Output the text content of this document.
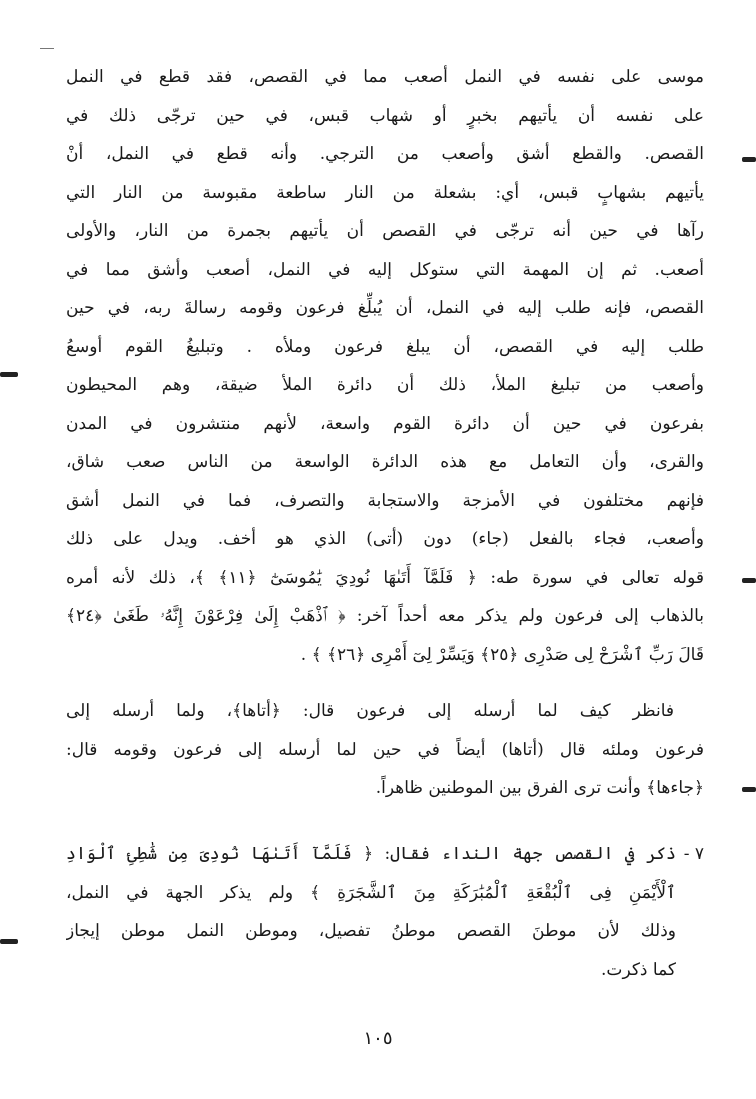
موسى على نفسه في النمل أصعب مما في القصص، فقد قطع في النمل
على نفسه أن يأتيهم بخبرٍ أو شهاب قبس، في حين ترجّى ذلك في
القصص. والقطع أشق وأصعب من الترجي. وأنه قطع في النمل، أنْ
يأتيهم بشهابٍ قبس، أي: بشعلة من النار ساطعة مقبوسة من النار التي
رآها في حين أنه ترجّى في القصص أن يأتيهم بجمرة من النار، والأولى
أصعب. ثم إن المهمة التي ستوكل إليه في النمل، أصعب وأشق مما في
القصص، فإنه طلب إليه في النمل، أن يُبلِّغ فرعون وقومه رسالةَ ربه، في حين
طلب إليه في القصص، أن يبلغ فرعون وملأه . وتبليغُ القوم أوسعُ
وأصعب من تبليغ الملأ، ذلك أن دائرة الملأ ضيقة، وهم المحيطون
بفرعون في حين أن دائرة القوم واسعة، لأنهم منتشرون في المدن
والقرى، وأن التعامل مع هذه الدائرة الواسعة من الناس صعب شاق،
فإنهم مختلفون في الأمزجة والاستجابة والتصرف، فما في النمل أشق
وأصعب، فجاء بالفعل (جاء) دون (أتى) الذي هو أخف. ويدل على ذلك
قوله تعالى في سورة طه: ﴿ فَلَمَّآ أَتَىٰهَا نُودِيَ يَٰمُوسَىٰٓ ﴿١١﴾ ﴾، ذلك لأنه أمره
بالذهاب إلى فرعون ولم يذكر معه أحداً آخر: ﴿ ٱذْهَبْ إِلَىٰ فِرْعَوْنَ إِنَّهُۥ طَغَىٰ ﴿٢٤﴾
قَالَ رَبِّ ٱشْرَحْ لِى صَدْرِى ﴿٢٥﴾ وَيَسِّرْ لِىٓ أَمْرِى ﴿٢٦﴾ ﴾ .
فانظر كيف لما أرسله إلى فرعون قال: ﴿أتاها﴾، ولما أرسله إلى
فرعون وملئه قال (أتاها) أيضاً في حين لما أرسله إلى فرعون وقومه قال:
﴿جاءها﴾ وأنت ترى الفرق بين الموطنين ظاهراً.
٧ -
ذكر في القصص جهة النداء فقال: ﴿ فَلَمَّآ أَتَىٰهَا نُودِىَ مِن شَٰطِئِ ٱلْوَادِ
ٱلْأَيْمَنِ فِى ٱلْبُقْعَةِ ٱلْمُبَٰرَكَةِ مِنَ ٱلشَّجَرَةِ ﴾ ولم يذكر الجهة في النمل،
وذلك لأن موطنَ القصص موطنُ تفصيل، وموطن النمل موطن إيجاز
كما ذكرت.
١٠٥
